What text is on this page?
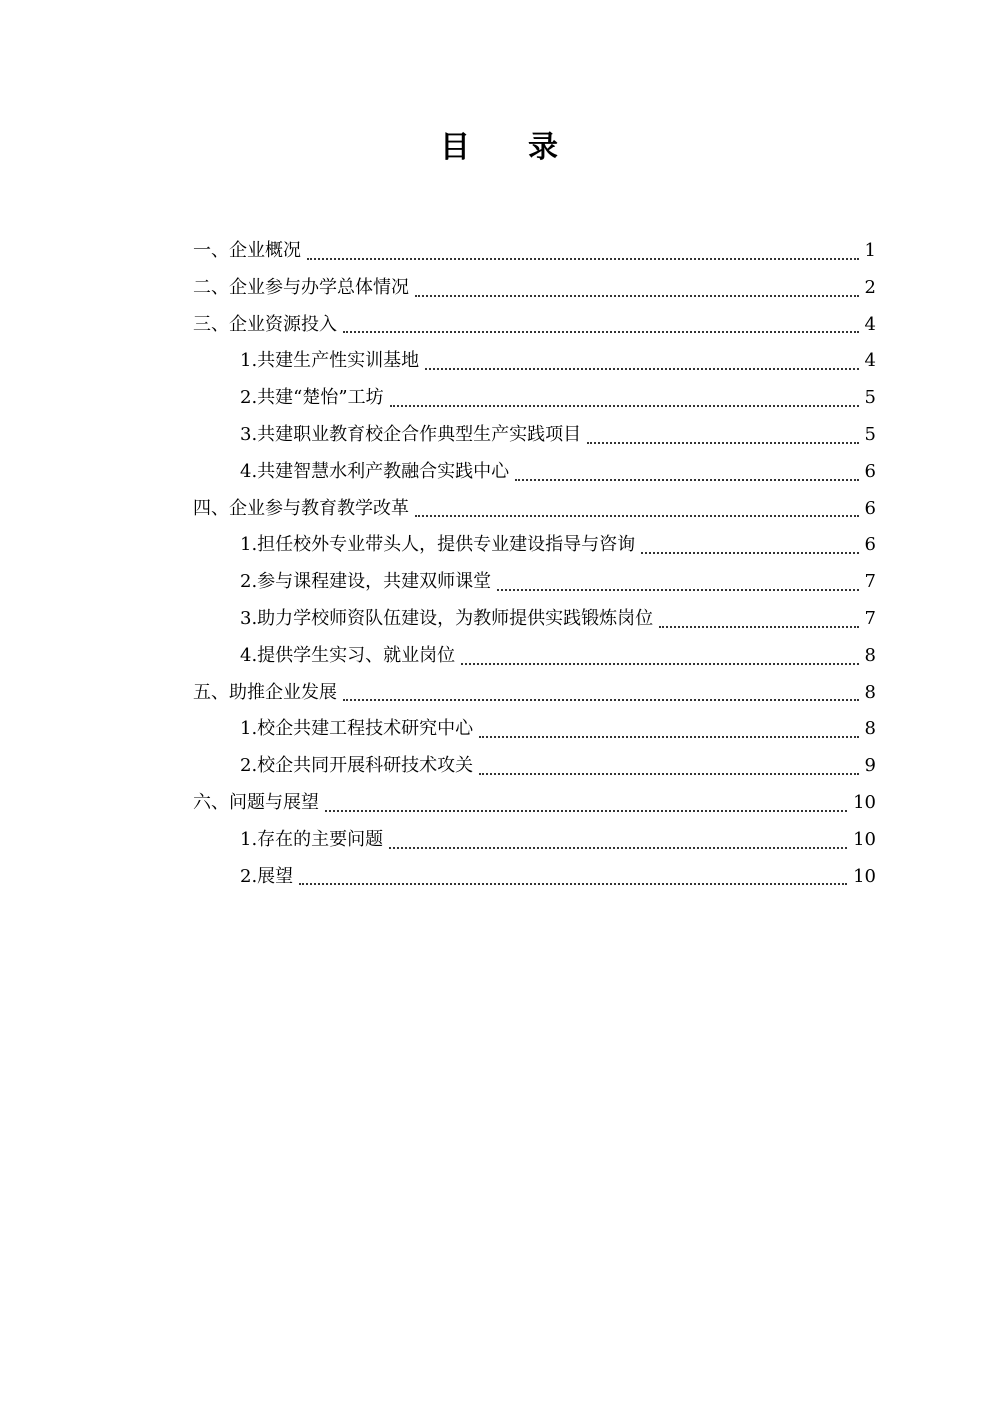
目 录
一、企业概况	1
二、企业参与办学总体情况	2
三、企业资源投入	4
1.共建生产性实训基地	4
2.共建“楚怡”工坊	5
3.共建职业教育校企合作典型生产实践项目	5
4.共建智慧水利产教融合实践中心	6
四、企业参与教育教学改革	6
1.担任校外专业带头人，提供专业建设指导与咨询	6
2.参与课程建设，共建双师课堂	7
3.助力学校师资队伍建设，为教师提供实践锻炼岗位	7
4.提供学生实习、就业岗位	8
五、助推企业发展	8
1.校企共建工程技术研究中心	8
2.校企共同开展科研技术攻关	9
六、问题与展望	10
1.存在的主要问题	10
2.展望	10
